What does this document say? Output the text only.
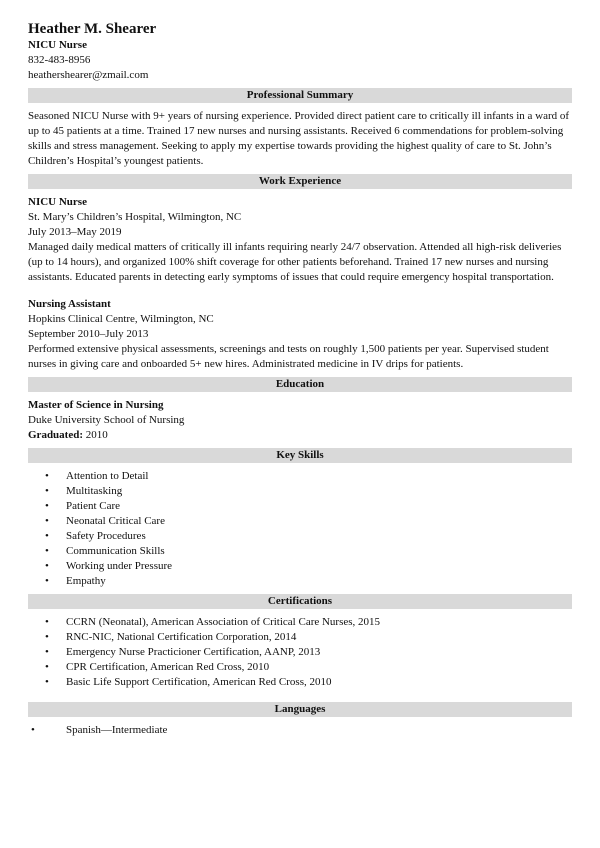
Heather M. Shearer
NICU Nurse
832-483-8956
heathershearer@zmail.com
Professional Summary

Seasoned NICU Nurse with 9+ years of nursing experience. Provided direct patient care to critically ill infants in a ward of up to 45 patients at a time. Trained 17 new nurses and nursing assistants. Received 6 commendations for problem-solving skills and stress management. Seeking to apply my expertise towards providing the highest quality of care to St. John’s Children’s Hospital’s youngest patients.

Work Experience
NICU Nurse
St. Mary’s Children’s Hospital, Wilmington, NC
July 2013–May 2019

Managed daily medical matters of critically ill infants requiring nearly 24/7 observation. Attended all high-risk deliveries (up to 14 hours), and organized 100% shift coverage for other patients beforehand. Trained 17 new nurses and nursing assistants. Educated parents in detecting early symptoms of issues that could require emergency hospital transportation.

Nursing Assistant
Hopkins Clinical Centre, Wilmington, NC
September 2010–July 2013

Performed extensive physical assessments, screenings and tests on roughly 1,500 patients per year. Supervised student nurses in giving care and onboarded 5+ new hires. Administrated medicine in IV drips for patients.

Education
Master of Science in Nursing
Duke University School of Nursing
Graduated: 2010
Key Skills
• Attention to Detail
• Multitasking
• Patient Care
• Neonatal Critical Care
• Safety Procedures
• Communication Skills
• Working under Pressure
• Empathy
Certifications
• CCRN (Neonatal), American Association of Critical Care Nurses, 2015
• RNC-NIC, National Certification Corporation, 2014
• Emergency Nurse Practicioner Certification, AANP, 2013
• CPR Certification, American Red Cross, 2010
• Basic Life Support Certification, American Red Cross, 2010
Languages
• Spanish—Intermediate
